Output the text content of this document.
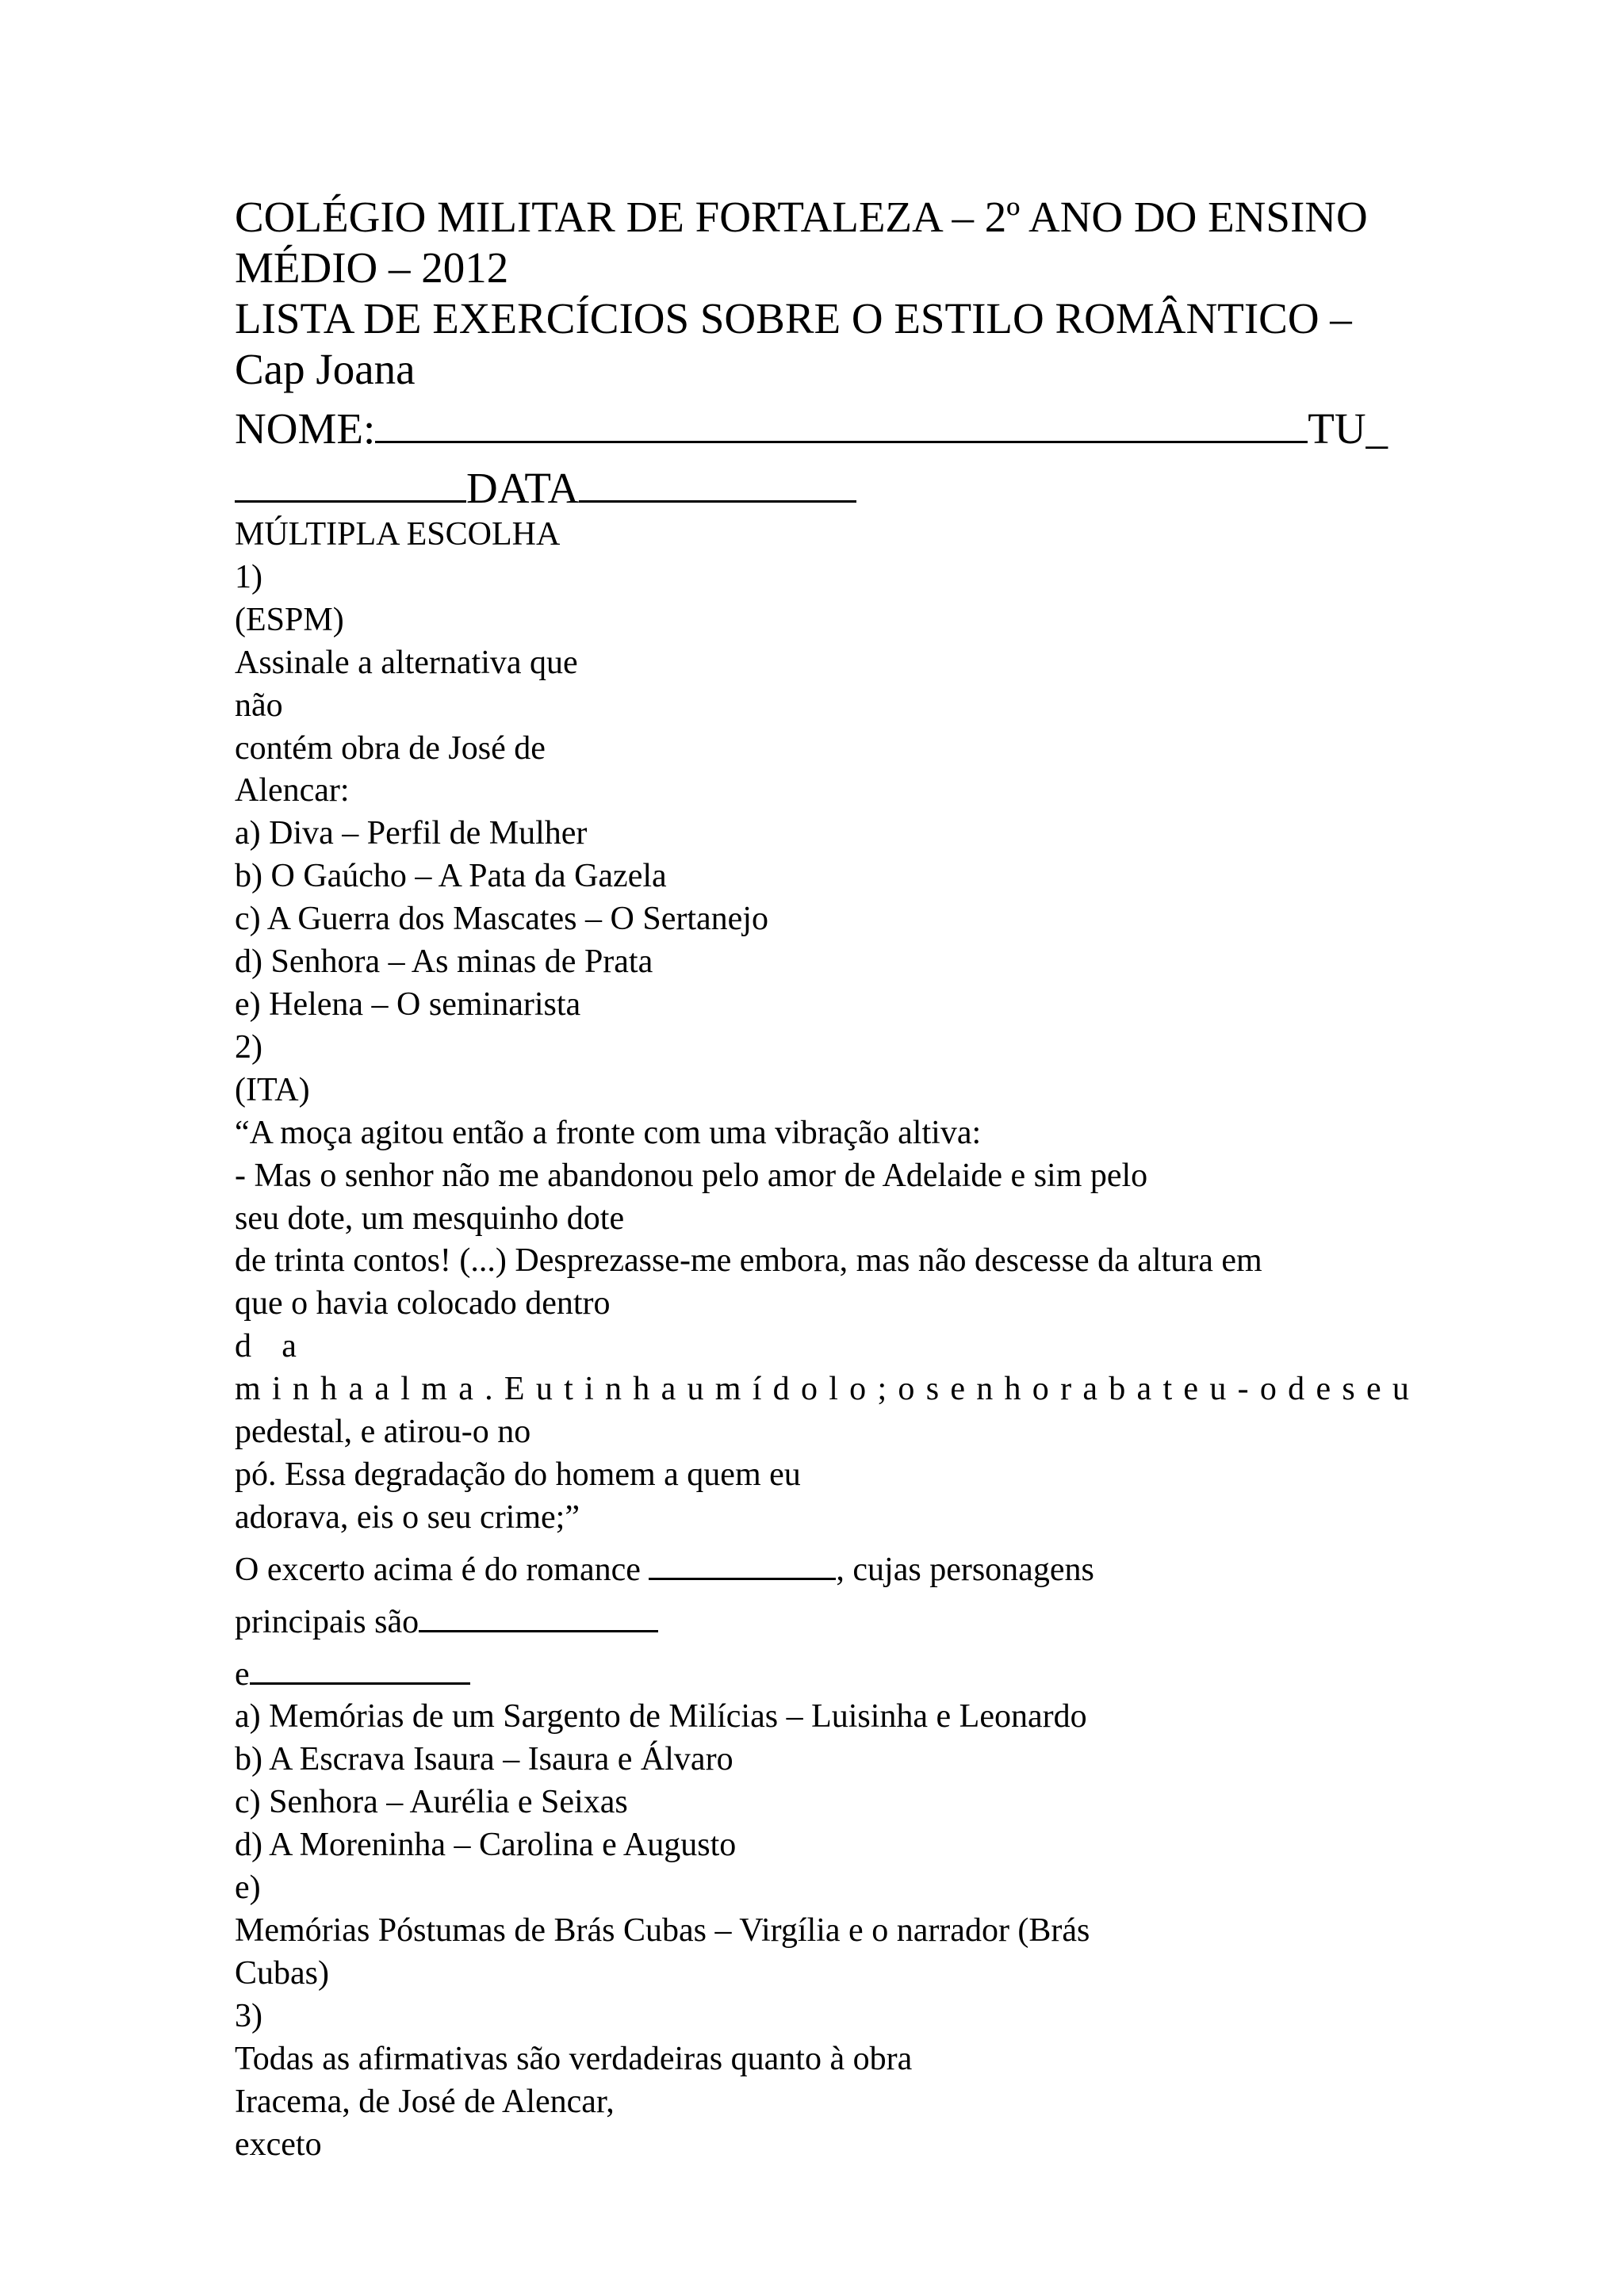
COLÉGIO MILITAR DE FORTALEZA – 2º ANO DO ENSINO
MÉDIO – 2012
LISTA DE EXERCÍCIOS SOBRE O ESTILO ROMÂNTICO –
Cap Joana
NOME:	TU_
DATA
MÚLTIPLA ESCOLHA
1)
(ESPM)
Assinale a alternativa que
não
contém obra de José de
Alencar:
a) Diva – Perfil de Mulher
b) O Gaúcho – A Pata da Gazela
c) A Guerra dos Mascates – O Sertanejo
d) Senhora – As minas de Prata
e) Helena – O seminarista
2)
(ITA)
“A moça agitou então a fronte com uma vibração altiva:
- Mas o senhor não me abandonou pelo amor de Adelaide e sim pelo
seu dote, um mesquinho dote
de trinta contos! (...) Desprezasse-me embora, mas não descesse da altura em
que o havia colocado dentro
d a
m i n h a a l m a . E u t i n h a u m í d o l o ; o s e n h o r a b a t e u - o d e s e u
pedestal, e atirou-o no
pó. Essa degradação do homem a quem eu
adorava, eis o seu crime;”
O excerto acima é do romance	, cujas personagens
principais são
e
a) Memórias de um Sargento de Milícias – Luisinha e Leonardo
b) A Escrava Isaura – Isaura e Álvaro
c) Senhora – Aurélia e Seixas
d) A Moreninha – Carolina e Augusto
e)
Memórias Póstumas de Brás Cubas – Virgília e o narrador (Brás
Cubas)
3)
Todas as afirmativas são verdadeiras quanto à obra
Iracema, de José de Alencar,
exceto
